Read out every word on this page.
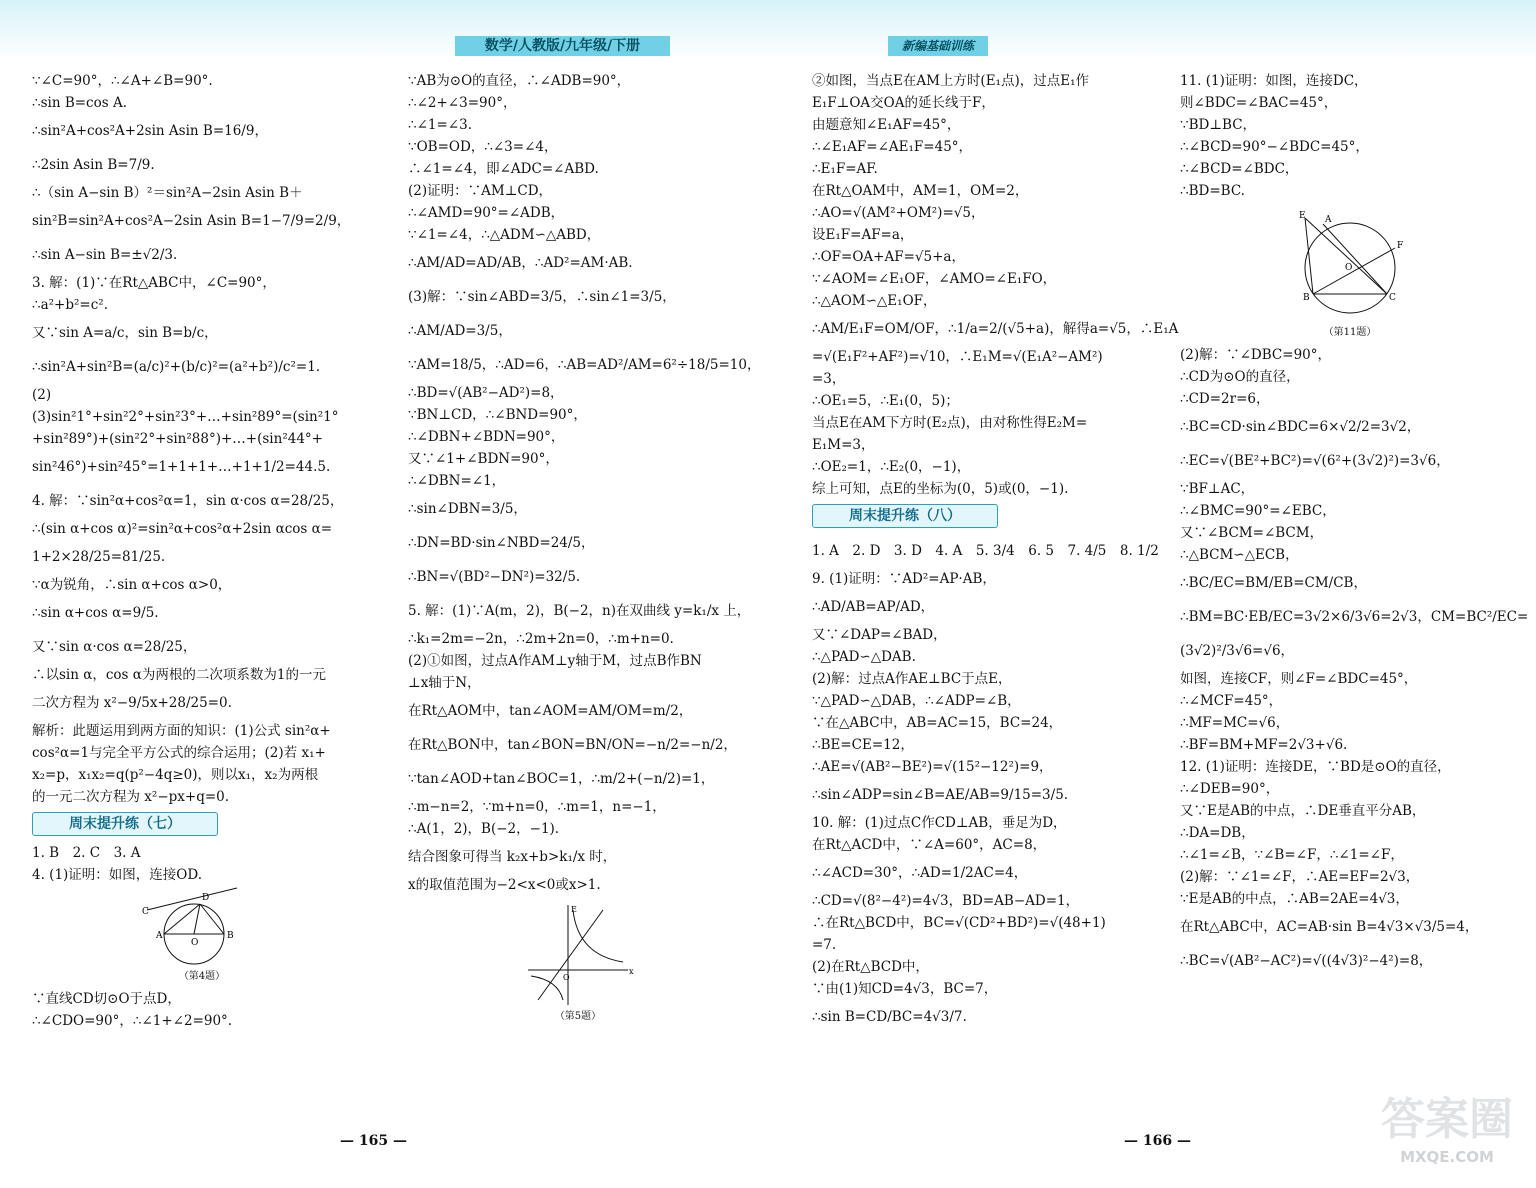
数学/人教版/九年级/下册	新编基础训练

∵∠C=90°，∴∠A+∠B=90°.

∴sin B=cos A.

∴sin²A+cos²A+2sin Asin B=16/9，

∴2sin Asin B=7/9.

∴（sin A−sin B）²＝sin²A−2sin Asin B＋

sin²B=sin²A+cos²A−2sin Asin B=1−7/9=2/9，

∴sin A−sin B=±√2/3.

3. 解：(1)∵在Rt△ABC中，∠C=90°，

∴a²+b²=c².

又∵sin A=a/c，sin B=b/c，

∴sin²A+sin²B=(a/c)²+(b/c)²=(a²+b²)/c²=1.

(2)

(3)sin²1°+sin²2°+sin²3°+…+sin²89°=(sin²1°

+sin²89°)+(sin²2°+sin²88°)+…+(sin²44°+

sin²46°)+sin²45°=1+1+1+…+1+1/2=44.5.

4. 解：∵sin²α+cos²α=1，sin α·cos α=28/25，

∴(sin α+cos α)²=sin²α+cos²α+2sin αcos α=

1+2×28/25=81/25.

∵α为锐角，∴sin α+cos α>0，

∴sin α+cos α=9/5.

又∵sin α·cos α=28/25，

∴以sin α，cos α为两根的二次项系数为1的一元

二次方程为 x²−9/5x+28/25=0.

解析：此题运用到两方面的知识：(1)公式 sin²α+

cos²α=1与完全平方公式的综合运用；(2)若 x₁+

x₂=p，x₁x₂=q(p²−4q≥0)，则以x₁，x₂为两根

的一元二次方程为 x²−px+q=0.

周末提升练（七）

1. B　2. C　3. A

4. (1)证明：如图，连接OD.

C
D
A	B
O
（第4题）

∵直线CD切⊙O于点D，

∴∠CDO=90°，∴∠1+∠2=90°.

∵AB为⊙O的直径，∴∠ADB=90°，

∴∠2+∠3=90°，

∴∠1=∠3.

∵OB=OD，∴∠3=∠4，

∴∠1=∠4，即∠ADC=∠ABD.

(2)证明：∵AM⊥CD，

∴∠AMD=90°=∠ADB，

∵∠1=∠4，∴△ADM∽△ABD，

∴AM/AD=AD/AB，∴AD²=AM·AB.

(3)解：∵sin∠ABD=3/5，∴sin∠1=3/5，

∴AM/AD=3/5，

∵AM=18/5，∴AD=6，∴AB=AD²/AM=6²÷18/5=10，

∴BD=√(AB²−AD²)=8，

∵BN⊥CD，∴∠BND=90°，

∴∠DBN+∠BDN=90°，

又∵∠1+∠BDN=90°，

∴∠DBN=∠1，

∴sin∠DBN=3/5，

∴DN=BD·sin∠NBD=24/5，

∴BN=√(BD²−DN²)=32/5.

5. 解：(1)∵A(m，2)，B(−2，n)在双曲线 y=k₁/x 上，

∴k₁=2m=−2n，∴2m+2n=0，∴m+n=0.

(2)①如图，过点A作AM⊥y轴于M，过点B作BN

⊥x轴于N，

在Rt△AOM中，tan∠AOM=AM/OM=m/2，

在Rt△BON中，tan∠BON=BN/ON=−n/2=−n/2，

∵tan∠AOD+tan∠BOC=1，∴m/2+(−n/2)=1，

∴m−n=2，∵m+n=0，∴m=1，n=−1，

∴A(1，2)，B(−2，−1).

结合图象可得当 k₂x+b>k₁/x 时，

x的取值范围为−2<x<0或x>1.

E
x
O
（第5题）

②如图，当点E在AM上方时(E₁点)，过点E₁作

E₁F⊥OA交OA的延长线于F，

由题意知∠E₁AF=45°，

∴∠E₁AF=∠AE₁F=45°，

∴E₁F=AF.

在Rt△OAM中，AM=1，OM=2，

∴AO=√(AM²+OM²)=√5，

设E₁F=AF=a，

∴OF=OA+AF=√5+a，

∵∠AOM=∠E₁OF，∠AMO=∠E₁FO，

∴△AOM∽△E₁OF，

∴AM/E₁F=OM/OF，∴1/a=2/(√5+a)，解得a=√5，∴E₁A

=√(E₁F²+AF²)=√10，∴E₁M=√(E₁A²−AM²)

=3，

∴OE₁=5，∴E₁(0，5)；

当点E在AM下方时(E₂点)，由对称性得E₂M=

E₁M=3，

∴OE₂=1，∴E₂(0，−1)，

综上可知，点E的坐标为(0，5)或(0，−1).

周末提升练（八）

1. A　2. D　3. D　4. A　5. 3/4　6. 5　7. 4/5　8. 1/2

9. (1)证明：∵AD²=AP·AB，

∴AD/AB=AP/AD，

又∵∠DAP=∠BAD，

∴△PAD∽△DAB.

(2)解：过点A作AE⊥BC于点E，

∵△PAD∽△DAB，∴∠ADP=∠B，

∵在△ABC中，AB=AC=15，BC=24，

∴BE=CE=12，

∴AE=√(AB²−BE²)=√(15²−12²)=9，

∴sin∠ADP=sin∠B=AE/AB=9/15=3/5.

10. 解：(1)过点C作CD⊥AB，垂足为D，

在Rt△ACD中，∵∠A=60°，AC=8，

∴∠ACD=30°，∴AD=1/2AC=4，

∴CD=√(8²−4²)=4√3，BD=AB−AD=1，

∴在Rt△BCD中，BC=√(CD²+BD²)=√(48+1)

=7.

(2)在Rt△BCD中，

∵由(1)知CD=4√3，BC=7，

∴sin B=CD/BC=4√3/7.

11. (1)证明：如图，连接DC，

则∠BDC=∠BAC=45°，

∵BD⊥BC，

∴∠BCD=90°−∠BDC=45°，

∴∠BCD=∠BDC，

∴BD=BC.

E A
B	C
F
O
（第11题）

(2)解：∵∠DBC=90°，

∴CD为⊙O的直径，

∴CD=2r=6，

∴BC=CD·sin∠BDC=6×√2/2=3√2，

∴EC=√(BE²+BC²)=√(6²+(3√2)²)=3√6，

∵BF⊥AC，

∴∠BMC=90°=∠EBC，

又∵∠BCM=∠BCM，

∴△BCM∽△ECB，

∴BC/EC=BM/EB=CM/CB，

∴BM=BC·EB/EC=3√2×6/3√6=2√3，CM=BC²/EC=

(3√2)²/3√6=√6，

如图，连接CF，则∠F=∠BDC=45°，

∴∠MCF=45°，

∴MF=MC=√6，

∴BF=BM+MF=2√3+√6.

12. (1)证明：连接DE，∵BD是⊙O的直径，

∴∠DEB=90°，

又∵E是AB的中点，∴DE垂直平分AB，

∴DA=DB，

∴∠1=∠B，∵∠B=∠F，∴∠1=∠F，

(2)解：∵∠1=∠F，∴AE=EF=2√3，

∵E是AB的中点，∴AB=2AE=4√3，

在Rt△ABC中，AC=AB·sin B=4√3×√3/5=4，

∴BC=√(AB²−AC²)=√((4√3)²−4²)=8，

— 165 —	— 166 —	答案圈
MXQE.COM
